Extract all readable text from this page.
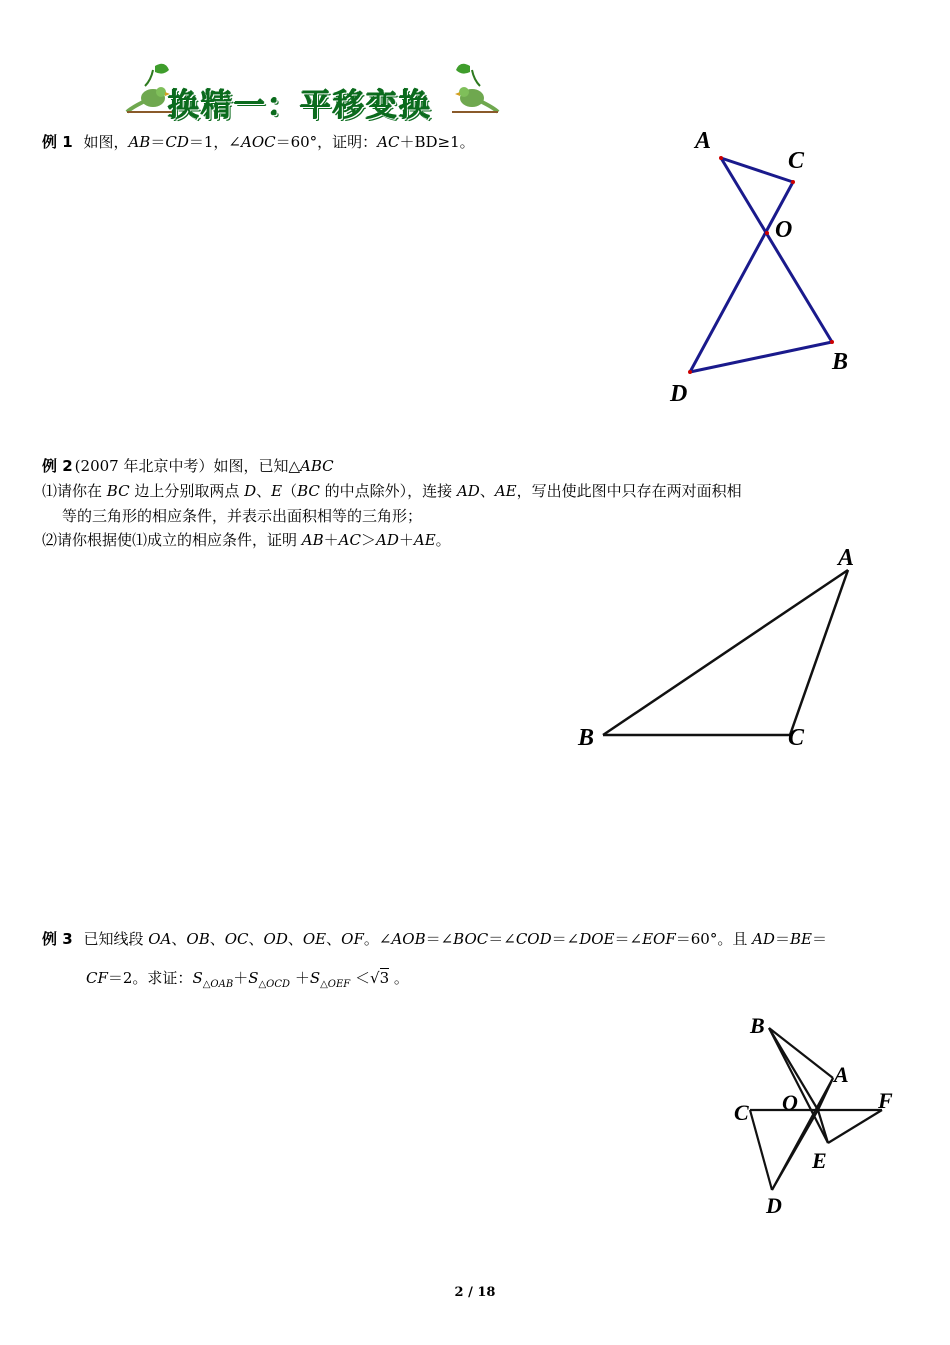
换精一：平移变换
例 1 如图，AB＝CD＝1，∠AOC＝60°，证明：AC＋BD≥1。	A
C
O
B
D
例 2 (2007 年北京中考）如图，已知△ABC
⑴请你在 BC 边上分别取两点 D、E（BC 的中点除外），连接 AD、AE，写出使此图中只存在两对面积相
等的三角形的相应条件，并表示出面积相等的三角形；
⑵请你根据使⑴成立的相应条件，证明 AB＋AC＞AD＋AE。
A
B	C
例 3 已知线段 OA、OB、OC、OD、OE、OF。∠AOB＝∠BOC＝∠COD＝∠DOE＝∠EOF＝60°。且 AD＝BE＝
CF＝2。求证：$S_{\triangle OAB}+S_{\triangle OCD} +S_{\triangle OEF} <√3$ 。
B
A
C O	F
E
D
2 / 18
